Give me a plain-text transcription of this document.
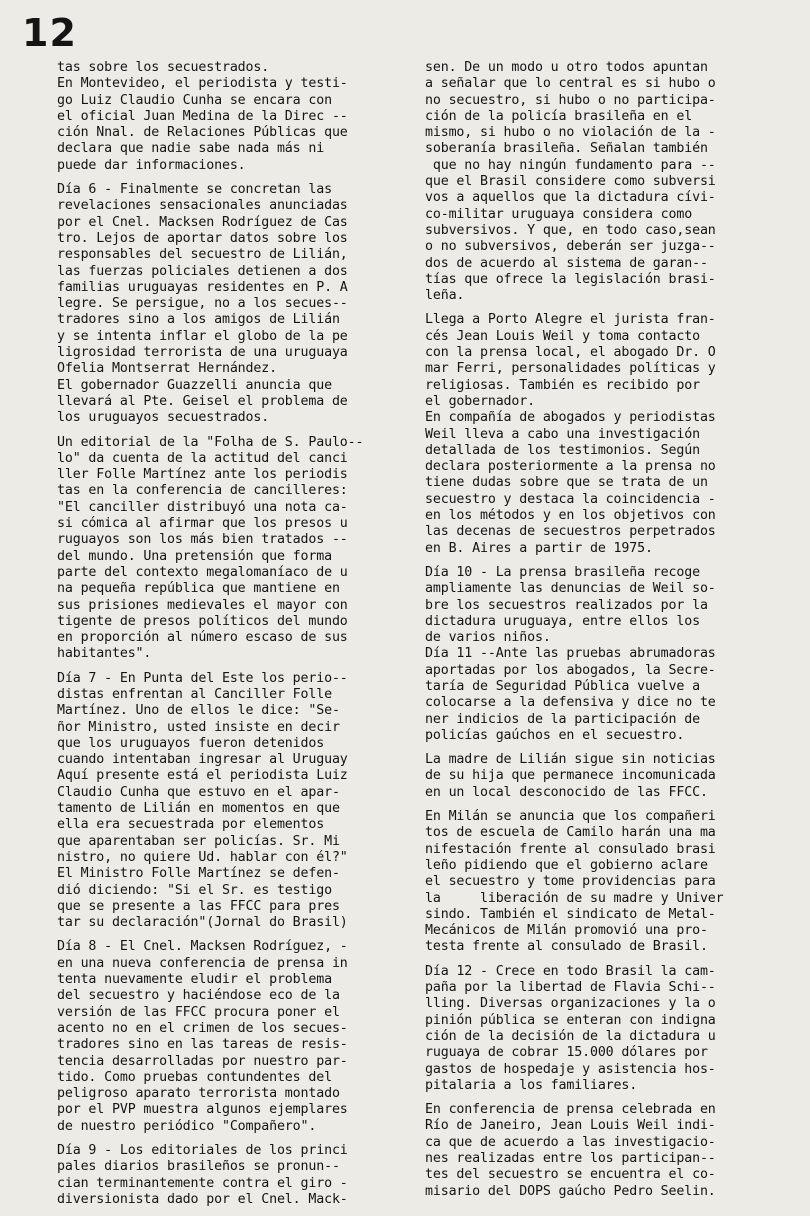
12
tas sobre los secuestrados.
En Montevideo, el periodista y testi-
go Luiz Claudio Cunha se encara con
el oficial Juan Medina de la Direc --
ción Nnal. de Relaciones Públicas que
declara que nadie sabe nada más ni
puede dar informaciones.
Día 6 - Finalmente se concretan las
revelaciones sensacionales anunciadas
por el Cnel. Macksen Rodríguez de Cas
tro. Lejos de aportar datos sobre los
responsables del secuestro de Lilián,
las fuerzas policiales detienen a dos
familias uruguayas residentes en P. A
legre. Se persigue, no a los secues--
tradores sino a los amigos de Lilián
y se intenta inflar el globo de la pe
ligrosidad terrorista de una uruguaya
Ofelia Montserrat Hernández.
El gobernador Guazzelli anuncia que
llevará al Pte. Geisel el problema de
los uruguayos secuestrados.
Un editorial de la "Folha de S. Paulo--
lo" da cuenta de la actitud del canci
ller Folle Martínez ante los periodis
tas en la conferencia de cancilleres:
"El canciller distribuyó una nota ca-
si cómica al afirmar que los presos u
ruguayos son los más bien tratados --
del mundo. Una pretensión que forma
parte del contexto megalomaníaco de u
na pequeña república que mantiene en
sus prisiones medievales el mayor con
tigente de presos políticos del mundo
en proporción al número escaso de sus
habitantes".
Día 7 - En Punta del Este los perio--
distas enfrentan al Canciller Folle
Martínez. Uno de ellos le dice: "Se-
ñor Ministro, usted insiste en decir
que los uruguayos fueron detenidos
cuando intentaban ingresar al Uruguay
Aquí presente está el periodista Luiz
Claudio Cunha que estuvo en el apar-
tamento de Lilián en momentos en que
ella era secuestrada por elementos
que aparentaban ser policías. Sr. Mi
nistro, no quiere Ud. hablar con él?"
El Ministro Folle Martínez se defen-
dió diciendo: "Si el Sr. es testigo
que se presente a las FFCC para pres
tar su declaración"(Jornal do Brasil)
Día 8 - El Cnel. Macksen Rodríguez, -
en una nueva conferencia de prensa in
tenta nuevamente eludir el problema
del secuestro y haciéndose eco de la
versión de las FFCC procura poner el
acento no en el crimen de los secues-
tradores sino en las tareas de resis-
tencia desarrolladas por nuestro par-
tido. Como pruebas contundentes del
peligroso aparato terrorista montado
por el PVP muestra algunos ejemplares
de nuestro periódico "Compañero".
Día 9 - Los editoriales de los princi
pales diarios brasileños se pronun--
cian terminantemente contra el giro -
diversionista dado por el Cnel. Mack-
sen. De un modo u otro todos apuntan
a señalar que lo central es si hubo o
no secuestro, si hubo o no participa-
ción de la policía brasileña en el
mismo, si hubo o no violación de la -
soberanía brasileña. Señalan también
que no hay ningún fundamento para --
que el Brasil considere como subversi
vos a aquellos que la dictadura cívi-
co-militar uruguaya considera como
subversivos. Y que, en todo caso,sean
o no subversivos, deberán ser juzga--
dos de acuerdo al sistema de garan--
tías que ofrece la legislación brasi-
leña.
Llega a Porto Alegre el jurista fran-
cés Jean Louis Weil y toma contacto
con la prensa local, el abogado Dr. O
mar Ferri, personalidades políticas y
religiosas. También es recibido por
el gobernador.
En compañía de abogados y periodistas
Weil lleva a cabo una investigación
detallada de los testimonios. Según
declara posteriormente a la prensa no
tiene dudas sobre que se trata de un
secuestro y destaca la coincidencia -
en los métodos y en los objetivos con
las decenas de secuestros perpetrados
en B. Aires a partir de 1975.
Día 10 - La prensa brasileña recoge
ampliamente las denuncias de Weil so-
bre los secuestros realizados por la
dictadura uruguaya, entre ellos los
de varios niños.
Día 11 --Ante las pruebas abrumadoras
aportadas por los abogados, la Secre-
taría de Seguridad Pública vuelve a
colocarse a la defensiva y dice no te
ner indicios de la participación de
policías gaúchos en el secuestro.
La madre de Lilián sigue sin noticias
de su hija que permanece incomunicada
en un local desconocido de las FFCC.
En Milán se anuncia que los compañeri
tos de escuela de Camilo harán una ma
nifestación frente al consulado brasi
leño pidiendo que el gobierno aclare
el secuestro y tome providencias para
la     liberación de su madre y Univer
sindo. También el sindicato de Metal-
Mecánicos de Milán promovió una pro-
testa frente al consulado de Brasil.
Día 12 - Crece en todo Brasil la cam-
paña por la libertad de Flavia Schi--
lling. Diversas organizaciones y la o
pinión pública se enteran con indigna
ción de la decisión de la dictadura u
ruguaya de cobrar 15.000 dólares por
gastos de hospedaje y asistencia hos-
pitalaria a los familiares.
En conferencia de prensa celebrada en
Río de Janeiro, Jean Louis Weil indi-
ca que de acuerdo a las investigacio-
nes realizadas entre los participan--
tes del secuestro se encuentra el co-
misario del DOPS gaúcho Pedro Seelin.
